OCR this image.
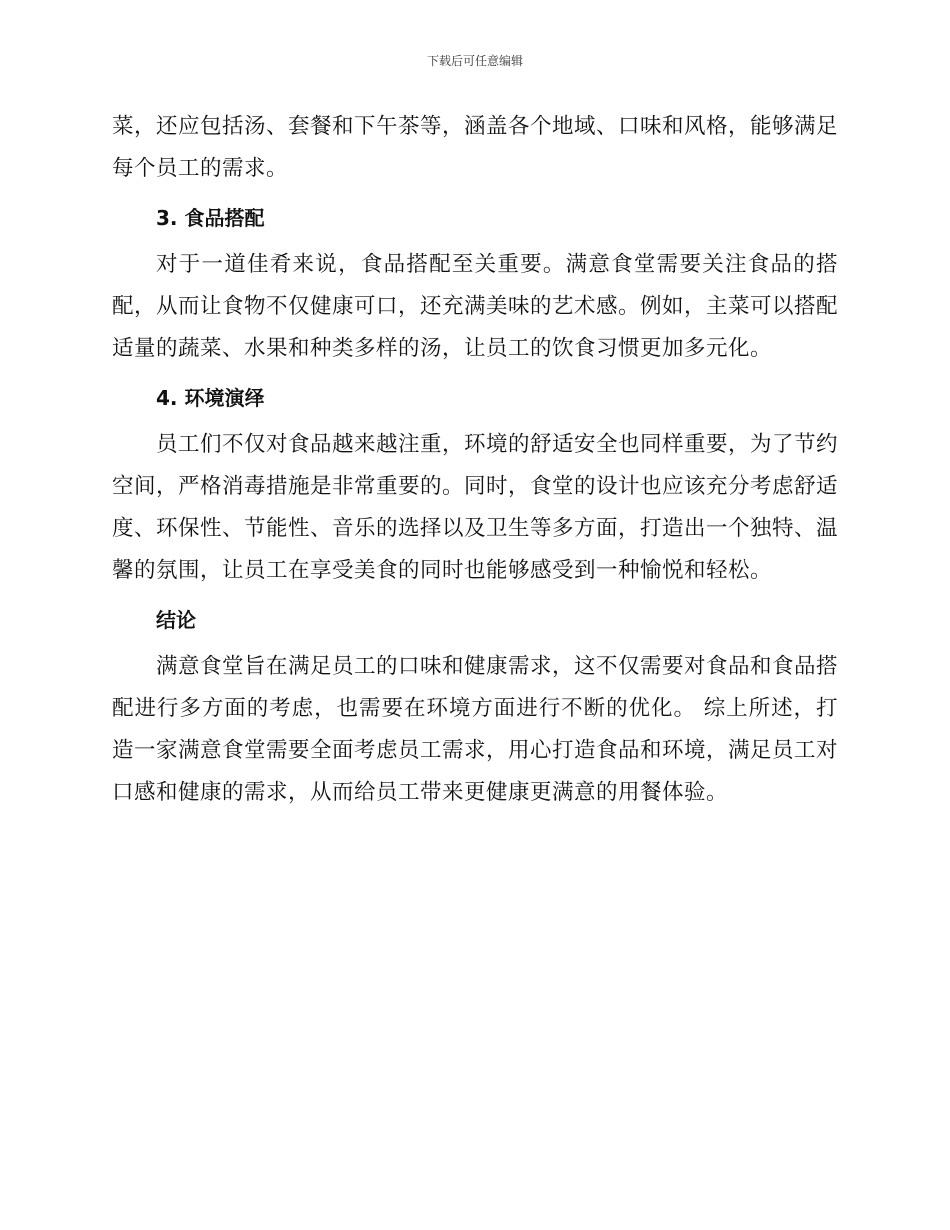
下载后可任意编辑

菜，还应包括汤、套餐和下午茶等，涵盖各个地域、口味和风格，能够满足每个员工的需求。

3. 食品搭配

对于一道佳肴来说，食品搭配至关重要。满意食堂需要关注食品的搭配，从而让食物不仅健康可口，还充满美味的艺术感。例如，主菜可以搭配适量的蔬菜、水果和种类多样的汤，让员工的饮食习惯更加多元化。

4. 环境演绎

员工们不仅对食品越来越注重，环境的舒适安全也同样重要，为了节约空间，严格消毒措施是非常重要的。同时，食堂的设计也应该充分考虑舒适度、环保性、节能性、音乐的选择以及卫生等多方面，打造出一个独特、温馨的氛围，让员工在享受美食的同时也能够感受到一种愉悦和轻松。

结论

满意食堂旨在满足员工的口味和健康需求，这不仅需要对食品和食品搭配进行多方面的考虑，也需要在环境方面进行不断的优化。 综上所述，打造一家满意食堂需要全面考虑员工需求，用心打造食品和环境，满足员工对口感和健康的需求，从而给员工带来更健康更满意的用餐体验。
